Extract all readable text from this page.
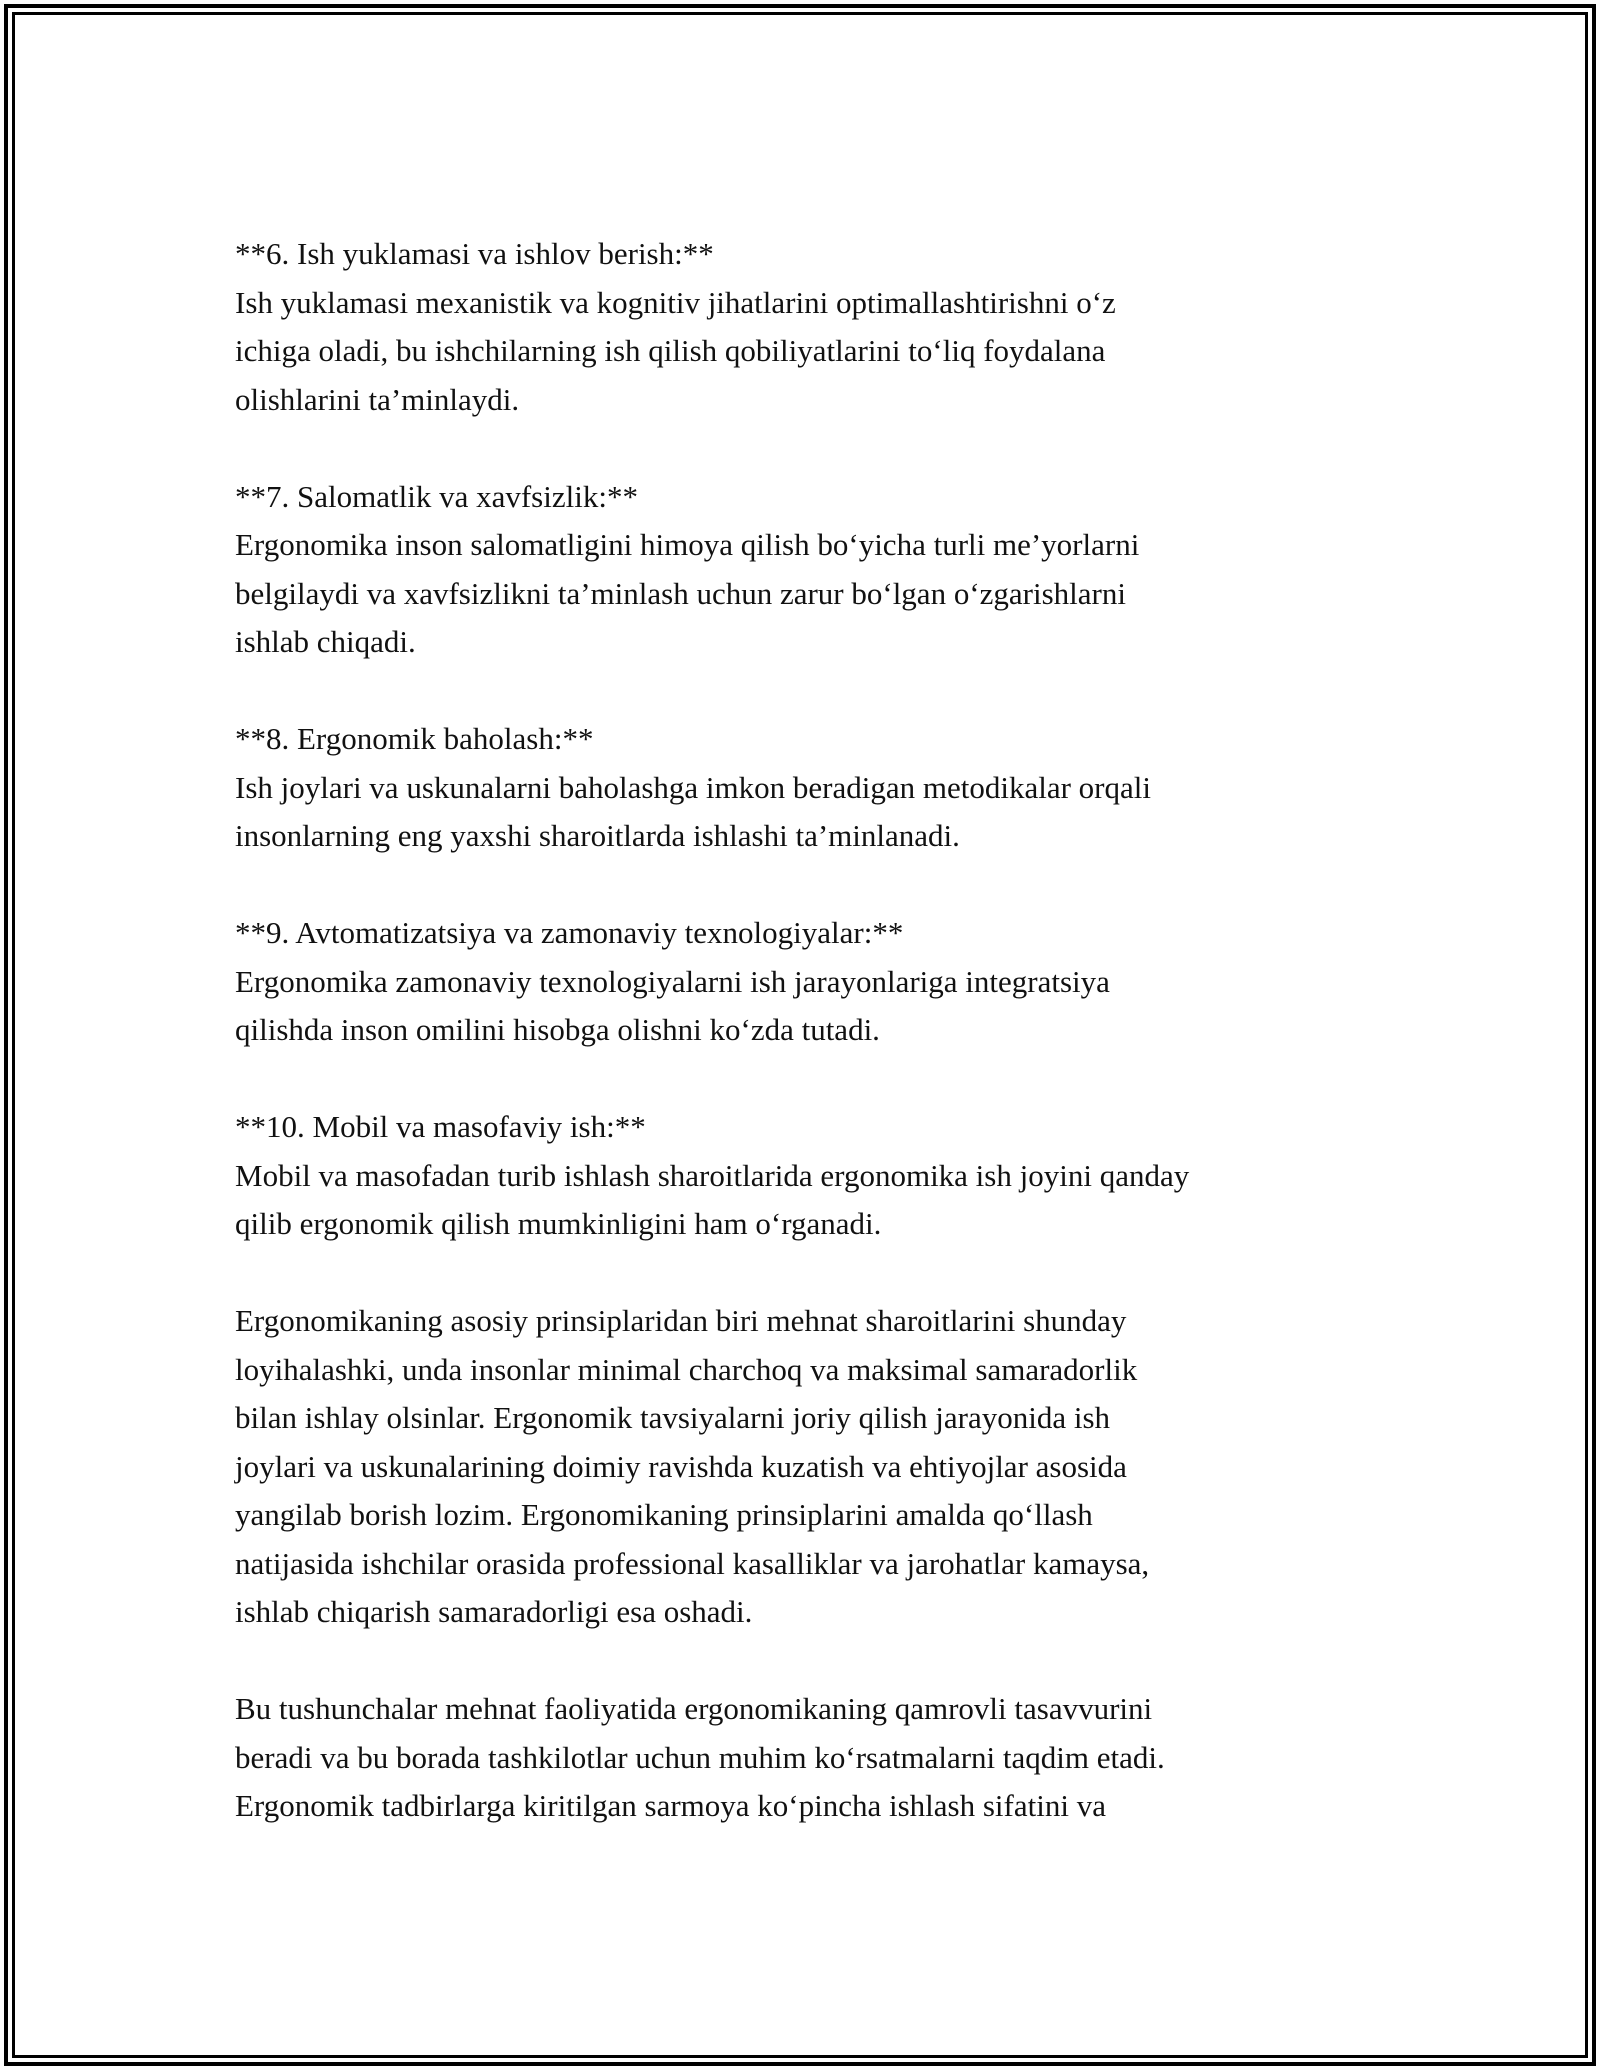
**6. Ish yuklamasi va ishlov berish:**
Ish yuklamasi mexanistik va kognitiv jihatlarini optimallashtirishni o‘z
ichiga oladi, bu ishchilarning ish qilish qobiliyatlarini to‘liq foydalana
olishlarini ta’minlaydi.
**7. Salomatlik va xavfsizlik:**
Ergonomika inson salomatligini himoya qilish bo‘yicha turli me’yorlarni
belgilaydi va xavfsizlikni ta’minlash uchun zarur bo‘lgan o‘zgarishlarni
ishlab chiqadi.
**8. Ergonomik baholash:**
Ish joylari va uskunalarni baholashga imkon beradigan metodikalar orqali
insonlarning eng yaxshi sharoitlarda ishlashi ta’minlanadi.
**9. Avtomatizatsiya va zamonaviy texnologiyalar:**
Ergonomika zamonaviy texnologiyalarni ish jarayonlariga integratsiya
qilishda inson omilini hisobga olishni ko‘zda tutadi.
**10. Mobil va masofaviy ish:**
Mobil va masofadan turib ishlash sharoitlarida ergonomika ish joyini qanday
qilib ergonomik qilish mumkinligini ham o‘rganadi.
Ergonomikaning asosiy prinsiplaridan biri mehnat sharoitlarini shunday
loyihalashki, unda insonlar minimal charchoq va maksimal samaradorlik
bilan ishlay olsinlar. Ergonomik tavsiyalarni joriy qilish jarayonida ish
joylari va uskunalarining doimiy ravishda kuzatish va ehtiyojlar asosida
yangilab borish lozim. Ergonomikaning prinsiplarini amalda qo‘llash
natijasida ishchilar orasida professional kasalliklar va jarohatlar kamaysa,
ishlab chiqarish samaradorligi esa oshadi.
Bu tushunchalar mehnat faoliyatida ergonomikaning qamrovli tasavvurini
beradi va bu borada tashkilotlar uchun muhim ko‘rsatmalarni taqdim etadi.
Ergonomik tadbirlarga kiritilgan sarmoya ko‘pincha ishlash sifatini va
